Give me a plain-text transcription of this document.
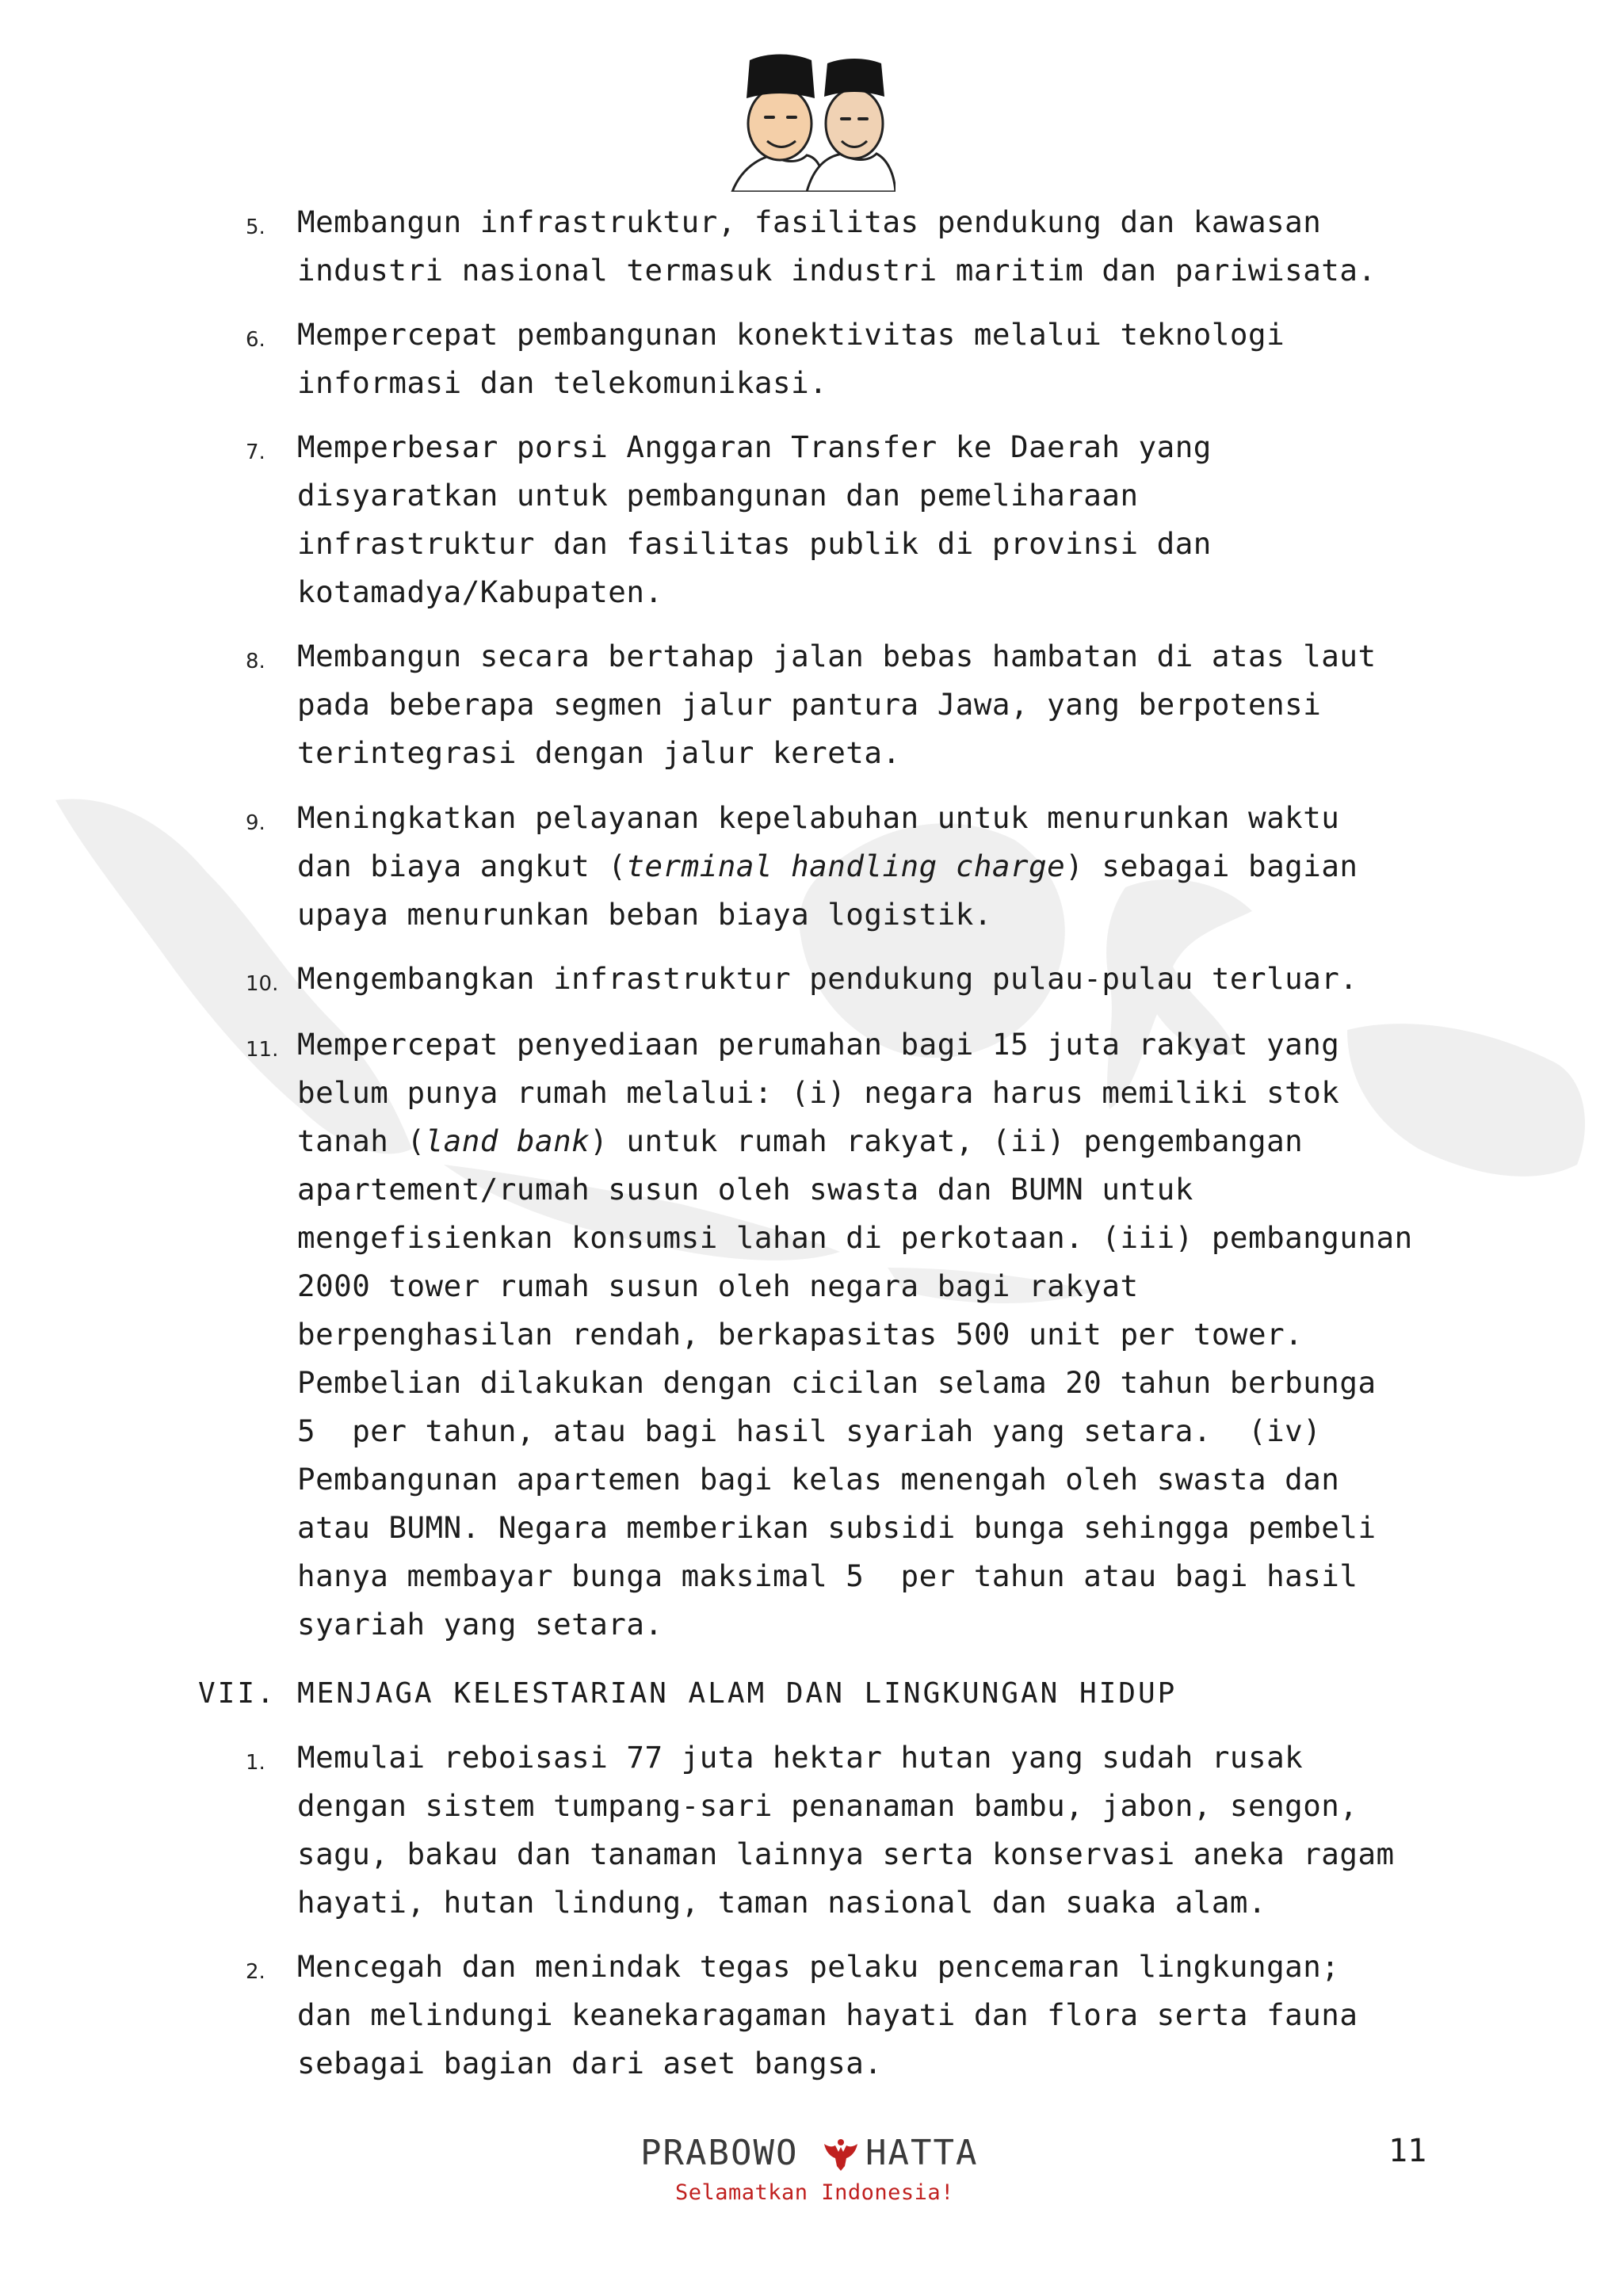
5.	Membangun infrastruktur, fasilitas pendukung dan kawasan

industri nasional termasuk industri maritim dan pariwisata.

6.	Mempercepat pembangunan konektivitas melalui teknologi

informasi dan telekomunikasi.

7.	Memperbesar porsi Anggaran Transfer ke Daerah yang

disyaratkan untuk pembangunan dan pemeliharaan

infrastruktur dan fasilitas publik di provinsi dan

kotamadya/Kabupaten.

8.	Membangun secara bertahap jalan bebas hambatan di atas laut

pada beberapa segmen jalur pantura Jawa, yang berpotensi

terintegrasi dengan jalur kereta.

9.	Meningkatkan pelayanan kepelabuhan untuk menurunkan waktu

dan biaya angkut (terminal handling charge) sebagai bagian

upaya menurunkan beban biaya logistik.

10. Mengembangkan infrastruktur pendukung pulau-pulau terluar.

11. Mempercepat penyediaan perumahan bagi 15 juta rakyat yang

belum punya rumah melalui: (i) negara harus memiliki stok

tanah (land bank) untuk rumah rakyat, (ii) pengembangan

apartement/rumah susun oleh swasta dan BUMN untuk

mengefisienkan konsumsi lahan di perkotaan. (iii) pembangunan

2000 tower rumah susun oleh negara bagi rakyat

berpenghasilan rendah, berkapasitas 500 unit per tower.

Pembelian dilakukan dengan cicilan selama 20 tahun berbunga

5  per tahun, atau bagi hasil syariah yang setara.  (iv)

Pembangunan apartemen bagi kelas menengah oleh swasta dan

atau BUMN. Negara memberikan subsidi bunga sehingga pembeli

hanya membayar bunga maksimal 5  per tahun atau bagi hasil

syariah yang setara.

VII. MENJAGA KELESTARIAN ALAM DAN LINGKUNGAN HIDUP
1.	Memulai reboisasi 77 juta hektar hutan yang sudah rusak

dengan sistem tumpang-sari penanaman bambu, jabon, sengon,

sagu, bakau dan tanaman lainnya serta konservasi aneka ragam

hayati, hutan lindung, taman nasional dan suaka alam.

2.	Mencegah dan menindak tegas pelaku pencemaran lingkungan;

dan melindungi keanekaragaman hayati dan flora serta fauna

sebagai bagian dari aset bangsa.

PRABOWO HATTA
Selamatkan Indonesia!
11
